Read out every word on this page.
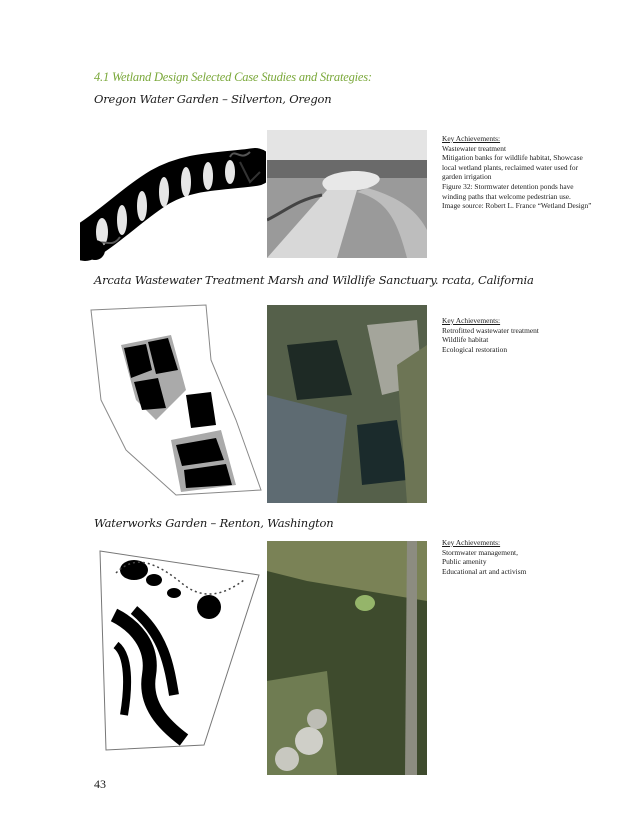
4.1 Wetland Design Selected Case Studies and Strategies:
Oregon Water Garden – Silverton, Oregon
Key Achievements:
Wastewater treatment
Mitigation banks for wildlife habitat, Showcase local wetland plants, reclaimed water used for garden irrigation
Figure 32: Stormwater detention ponds have winding paths that welcome pedestrian use.
Image source: Robert L. France “Wetland Design”
Arcata Wastewater Treatment Marsh and Wildlife Sanctuary. rcata, California
Key Achievements:
Retrofitted wastewater treatment
Wildlife habitat
Ecological restoration
Waterworks Garden – Renton, Washington
Key Achievements:
Stormwater management,
Public amenity
Educational art and activism
43
